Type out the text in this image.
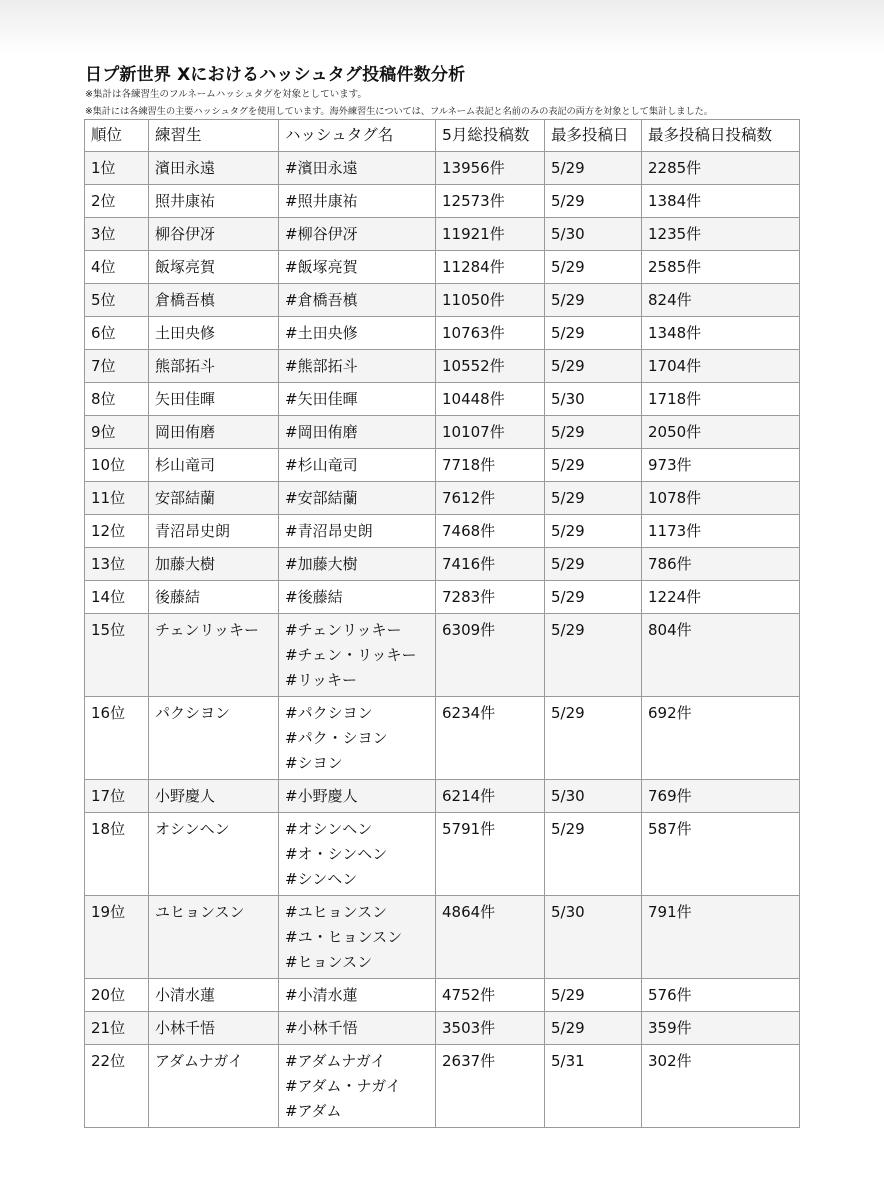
日プ新世界 Xにおけるハッシュタグ投稿件数分析
※集計は各練習生のフルネームハッシュタグを対象としています。
※集計には各練習生の主要ハッシュタグを使用しています。海外練習生については、フルネーム表記と名前のみの表記の両方を対象として集計しました。
順位	練習生	ハッシュタグ名	5月総投稿数	最多投稿日	最多投稿日投稿数
1位	濱田永遠	#濱田永遠	13956件	5/29	2285件
2位	照井康祐	#照井康祐	12573件	5/29	1384件
3位	柳谷伊冴	#柳谷伊冴	11921件	5/30	1235件
4位	飯塚亮賀	#飯塚亮賀	11284件	5/29	2585件
5位	倉橋吾槙	#倉橋吾槙	11050件	5/29	824件
6位	土田央修	#土田央修	10763件	5/29	1348件
7位	熊部拓斗	#熊部拓斗	10552件	5/29	1704件
8位	矢田佳暉	#矢田佳暉	10448件	5/30	1718件
9位	岡田侑磨	#岡田侑磨	10107件	5/29	2050件
10位	杉山竜司	#杉山竜司	7718件	5/29	973件
11位	安部結蘭	#安部結蘭	7612件	5/29	1078件
12位	青沼昂史朗	#青沼昂史朗	7468件	5/29	1173件
13位	加藤大樹	#加藤大樹	7416件	5/29	786件
14位	後藤結	#後藤結	7283件	5/29	1224件
15位	チェンリッキー	#チェンリッキー
#チェン・リッキー
#リッキー	6309件	5/29	804件
16位	パクシヨン	#パクシヨン
#パク・シヨン
#シヨン	6234件	5/29	692件
17位	小野慶人	#小野慶人	6214件	5/30	769件
18位	オシンヘン	#オシンヘン
#オ・シンヘン
#シンヘン	5791件	5/29	587件
19位	ユヒョンスン	#ユヒョンスン
#ユ・ヒョンスン
#ヒョンスン	4864件	5/30	791件
20位	小清水蓮	#小清水蓮	4752件	5/29	576件
21位	小林千悟	#小林千悟	3503件	5/29	359件
22位	アダムナガイ	#アダムナガイ
#アダム・ナガイ
#アダム	2637件	5/31	302件
